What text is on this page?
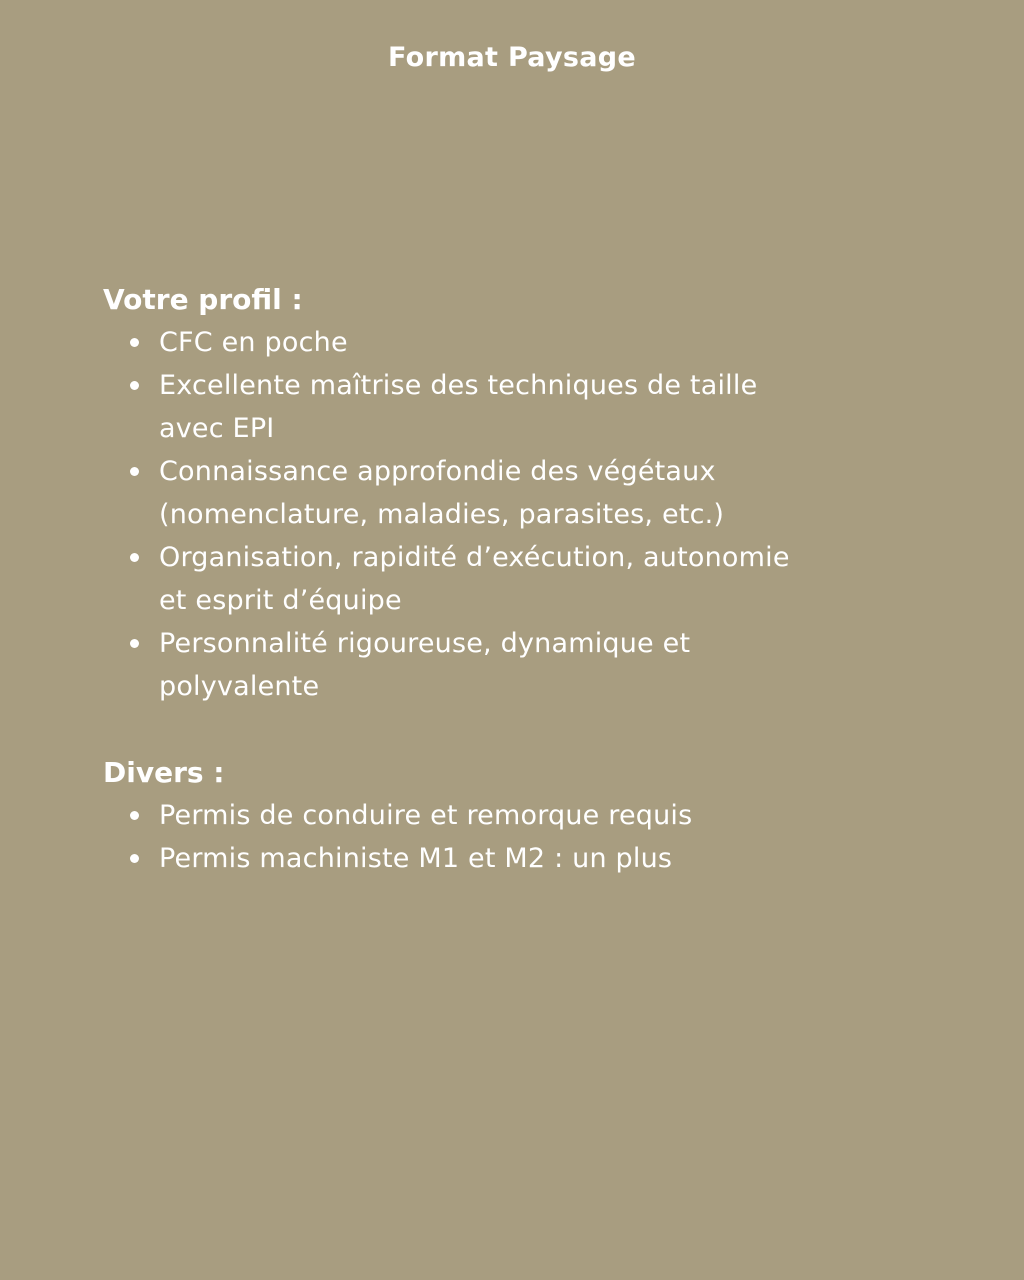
Format Paysage
Votre profil :
CFC en poche
Excellente maîtrise des techniques de taille
avec EPI
Connaissance approfondie des végétaux
(nomenclature, maladies, parasites, etc.)
Organisation, rapidité d’exécution, autonomie
et esprit d’équipe
Personnalité rigoureuse, dynamique et
polyvalente
Divers :
Permis de conduire et remorque requis
Permis machiniste M1 et M2 : un plus
